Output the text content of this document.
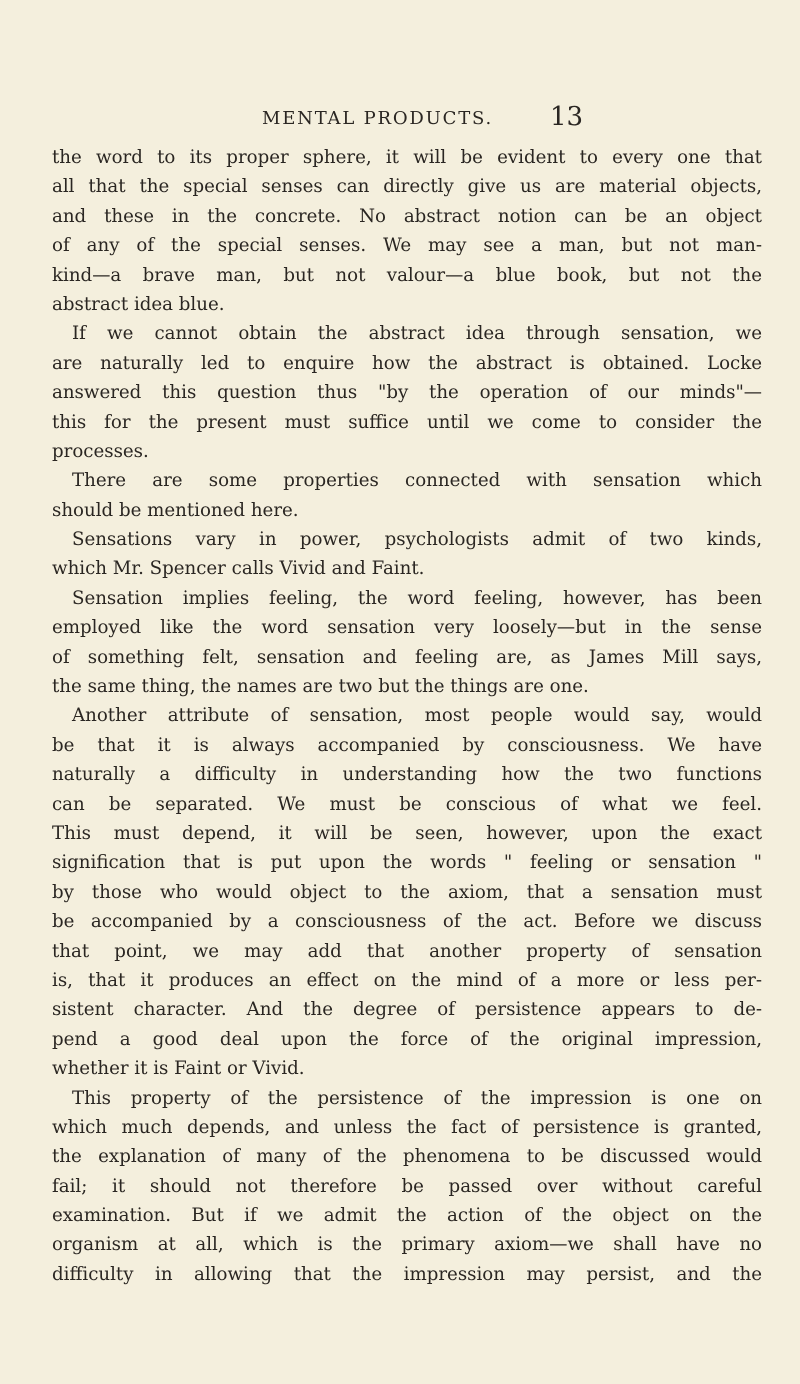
MENTAL PRODUCTS. 13
the word to its proper sphere, it will be evident to every one that
all that the special senses can directly give us are material objects,
and these in the concrete. No abstract notion can be an object
of any of the special senses. We may see a man, but not man-
kind—a brave man, but not valour—a blue book, but not the
abstract idea blue.
If we cannot obtain the abstract idea through sensation, we
are naturally led to enquire how the abstract is obtained. Locke
answered this question thus "by the operation of our minds"—
this for the present must suffice until we come to consider the
processes.
There are some properties connected with sensation which
should be mentioned here.
Sensations vary in power, psychologists admit of two kinds,
which Mr. Spencer calls Vivid and Faint.
Sensation implies feeling, the word feeling, however, has been
employed like the word sensation very loosely—but in the sense
of something felt, sensation and feeling are, as James Mill says,
the same thing, the names are two but the things are one.
Another attribute of sensation, most people would say, would
be that it is always accompanied by consciousness. We have
naturally a difficulty in understanding how the two functions
can be separated. We must be conscious of what we feel.
This must depend, it will be seen, however, upon the exact
signification that is put upon the words " feeling or sensation "
by those who would object to the axiom, that a sensation must
be accompanied by a consciousness of the act. Before we discuss
that point, we may add that another property of sensation
is, that it produces an effect on the mind of a more or less per-
sistent character. And the degree of persistence appears to de-
pend a good deal upon the force of the original impression,
whether it is Faint or Vivid.
This property of the persistence of the impression is one on
which much depends, and unless the fact of persistence is granted,
the explanation of many of the phenomena to be discussed would
fail; it should not therefore be passed over without careful
examination. But if we admit the action of the object on the
organism at all, which is the primary axiom—we shall have no
difficulty in allowing that the impression may persist, and the
